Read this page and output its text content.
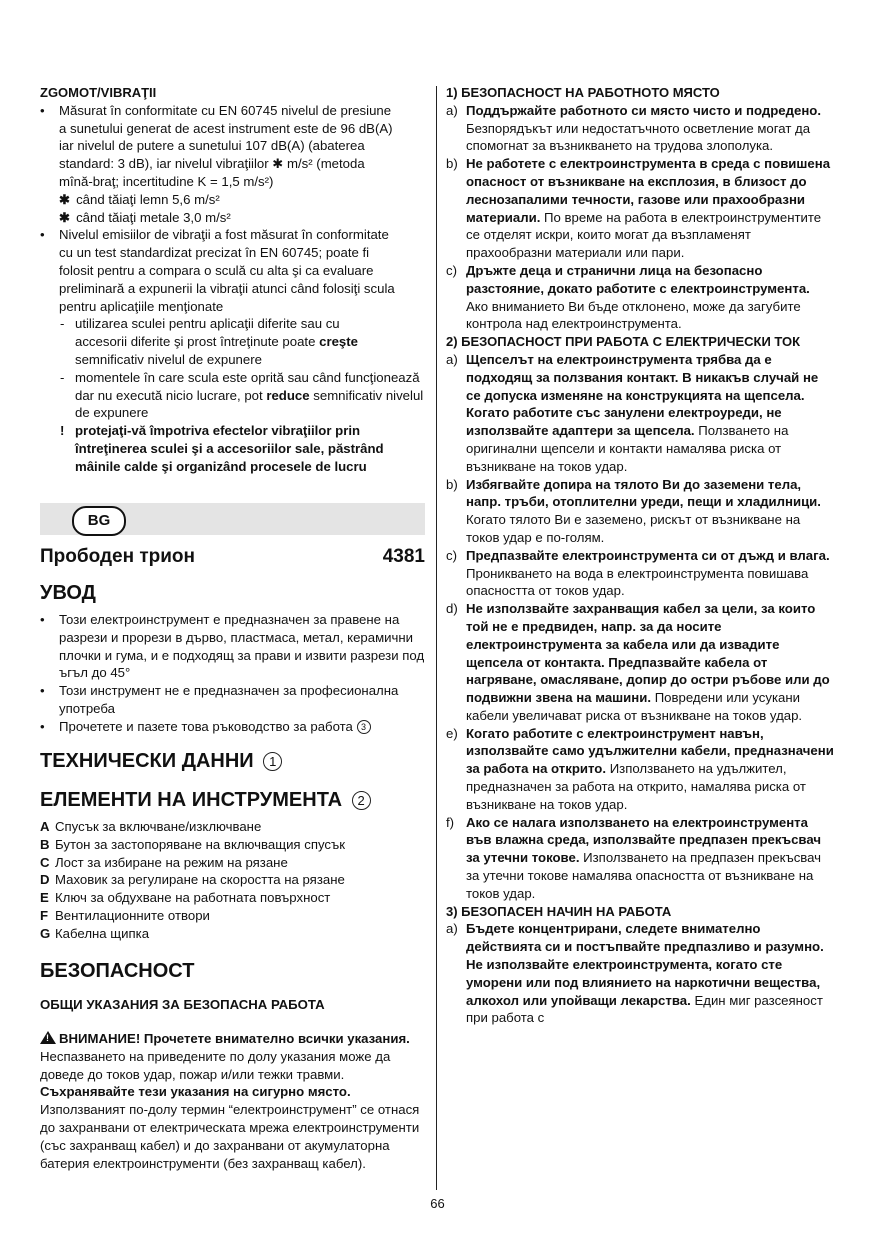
ZGOMOT/VIBRAŢII
•	Măsurat în conformitate cu EN 60745 nivelul de presiune
a sunetului generat de acest instrument este de 96 dB(A)
iar nivelul de putere a sunetului 107 dB(A) (abaterea
standard: 3 dB), iar nivelul vibraţiilor ✱ m/s² (metoda
mînă-braţ; incertitudine K = 1,5 m/s²)
✱ când tăiaţi lemn 5,6 m/s²
✱ când tăiaţi metale 3,0 m/s²
•	Nivelul emisiilor de vibraţii a fost măsurat în conformitate
cu un test standardizat precizat în EN 60745; poate fi
folosit pentru a compara o sculă cu alta şi ca evaluare
preliminară a expunerii la vibraţii atunci când folosiţi scula
pentru aplicaţiile menţionate
- utilizarea sculei pentru aplicaţii diferite sau cu accesorii diferite şi prost întreţinute poate creşte semnificativ nivelul de expunere
- momentele în care scula este oprită sau când funcţionează dar nu execută nicio lucrare, pot reduce semnificativ nivelul de expunere
! protejaţi-vă împotriva efectelor vibraţiilor prin întreţinerea sculei şi a accesoriilor sale, păstrând mâinile calde şi organizând procesele de lucru
BG
Прободен трион	4381
УВОД
•	Този електроинструмент е предназначен за правене на разрези и прорези в дърво, пластмаса, метал, керамични плочки и гума, и е подходящ за прави и извити разрези под ъгъл до 45°
•	Този инструмент не е предназначен за професионална употреба
•	Прочетете и пазете това ръководство за работа 3
ТЕХНИЧЕСКИ ДАННИ 1
ЕЛЕМЕНТИ НА ИНСТРУМЕНТА 2
A Спусък за включване/изключване
B Бутон за застопоряване на включващия спусък
C Лост за избиране на режим на рязане
D Маховик за регулиране на скоростта на рязане
E Ключ за обдухване на работната повърхност
F Вентилационните отвори
G Кабелна щипка
БЕЗОПАСНОСТ
ОБЩИ УКАЗАНИЯ ЗА БЕЗОПАСНА РАБОТА
! ВНИМАНИЕ! Прочетете внимателно всички указания. Неспазването на приведените по долу указания може да доведе до токов удар, пожар и/или тежки травми. Съхранявайте тези указания на сигурно място. Използваният по-долу термин “електроинструмент” се отнася до захранвани от електрическата мрежа електроинструменти (със захранващ кабел) и до захранвани от акумулаторна батерия електроинструменти (без захранващ кабел).
1) БЕЗОПАСНОСТ НА РАБОТНОТО МЯСТО
a) Поддържайте работното си място чисто и подредено. Безпорядъкът или недостатъчното осветление могат да спомогнат за възникването на трудова злополука.
b) Не работете с електроинструмента в среда с повишена опасност от възникване на експлозия, в близост до леснозапалими течности, газове или прахообразни материали. По време на работа в електроинструментите се отделят искри, които могат да възпламенят прахообразни материали или пари.
c) Дръжте деца и странични лица на безопасно разстояние, докато работите с електроинструмента. Ако вниманието Ви бъде отклонено, може да загубите контрола над електроинструмента.
2) БЕЗОПАСНОСТ ПРИ РАБОТА С ЕЛЕКТРИЧЕСКИ ТОК
a) Щепселът на електроинструмента трябва да е подходящ за ползвания контакт. В никакъв случай не се допуска изменяне на конструкцията на щепсела. Когато работите със занулени електроуреди, не използвайте адаптери за щепсела. Ползването на оригинални щепсели и контакти намалява риска от възникване на токов удар.
b) Избягвайте допира на тялото Ви до заземени тела, напр. тръби, отоплителни уреди, пещи и хладилници. Когато тялото Ви е заземено, рискът от възникване на токов удар е по-голям.
c) Предпазвайте електроинструмента си от дъжд и влага. Проникването на вода в електроинструмента повишава опасността от токов удар.
d) Не използвайте захранващия кабел за цели, за които той не е предвиден, напр. за да носите електроинструмента за кабела или да извадите щепсела от контакта. Предпазвайте кабела от нагряване, омасляване, допир до остри ръбове или до подвижни звена на машини. Повредени или усукани кабели увеличават риска от възникване на токов удар.
e) Когато работите с електроинструмент навън, използвайте само удължителни кабели, предназначени за работа на открито. Използването на удължител, предназначен за работа на открито, намалява риска от възникване на токов удар.
f) Ако се налага използването на електроинструмента във влажна среда, използвайте предпазен прекъсвач за утечни токове. Използването на предпазен прекъсвач за утечни токове намалява опасността от възникване на токов удар.
3) БЕЗОПАСЕН НАЧИН НА РАБОТА
a) Бъдете концентрирани, следете внимателно действията си и постъпвайте предпазливо и разумно. Не използвайте електроинструмента, когато сте уморени или под влиянието на наркотични вещества, алкохол или упойващи лекарства. Един миг разсеяност при работа с
66
